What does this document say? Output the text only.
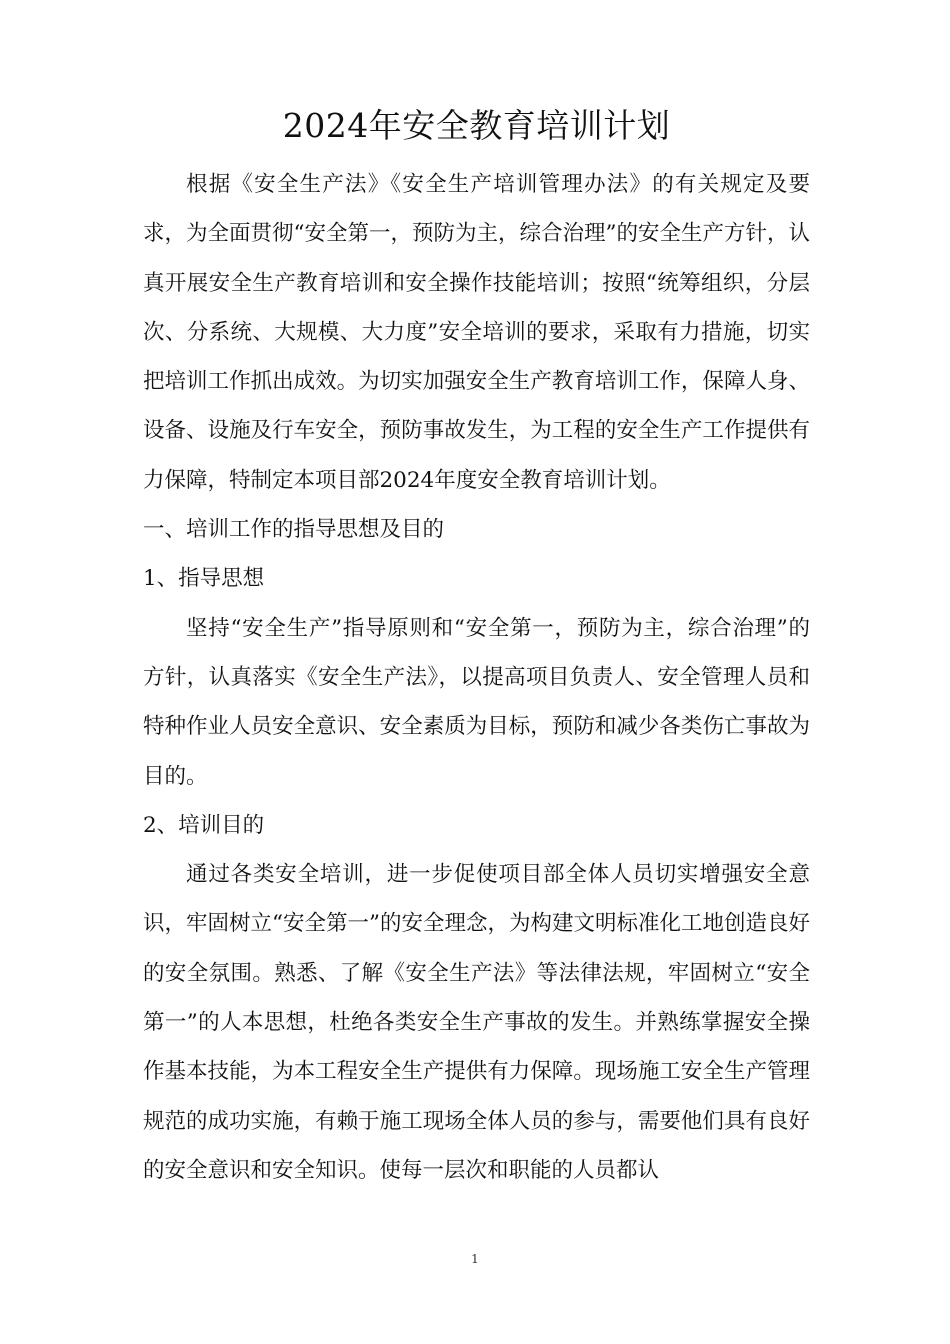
2024年安全教育培训计划

根据《安全生产法》《安全生产培训管理办法》的有关规定及要求，为全面贯彻“安全第一，预防为主，综合治理”的安全生产方针，认真开展安全生产教育培训和安全操作技能培训；按照“统筹组织，分层次、分系统、大规模、大力度”安全培训的要求，采取有力措施，切实把培训工作抓出成效。为切实加强安全生产教育培训工作，保障人身、设备、设施及行车安全，预防事故发生，为工程的安全生产工作提供有力保障，特制定本项目部2024年度安全教育培训计划。

一、培训工作的指导思想及目的

1、指导思想

坚持“安全生产”指导原则和“安全第一，预防为主，综合治理”的方针，认真落实《安全生产法》，以提高项目负责人、安全管理人员和特种作业人员安全意识、安全素质为目标，预防和减少各类伤亡事故为目的。

2、培训目的

通过各类安全培训，进一步促使项目部全体人员切实增强安全意识，牢固树立“安全第一”的安全理念，为构建文明标准化工地创造良好的安全氛围。熟悉、了解《安全生产法》等法律法规，牢固树立“安全第一”的人本思想，杜绝各类安全生产事故的发生。并熟练掌握安全操作基本技能，为本工程安全生产提供有力保障。现场施工安全生产管理规范的成功实施，有赖于施工现场全体人员的参与，需要他们具有良好的安全意识和安全知识。使每一层次和职能的人员都认

1
